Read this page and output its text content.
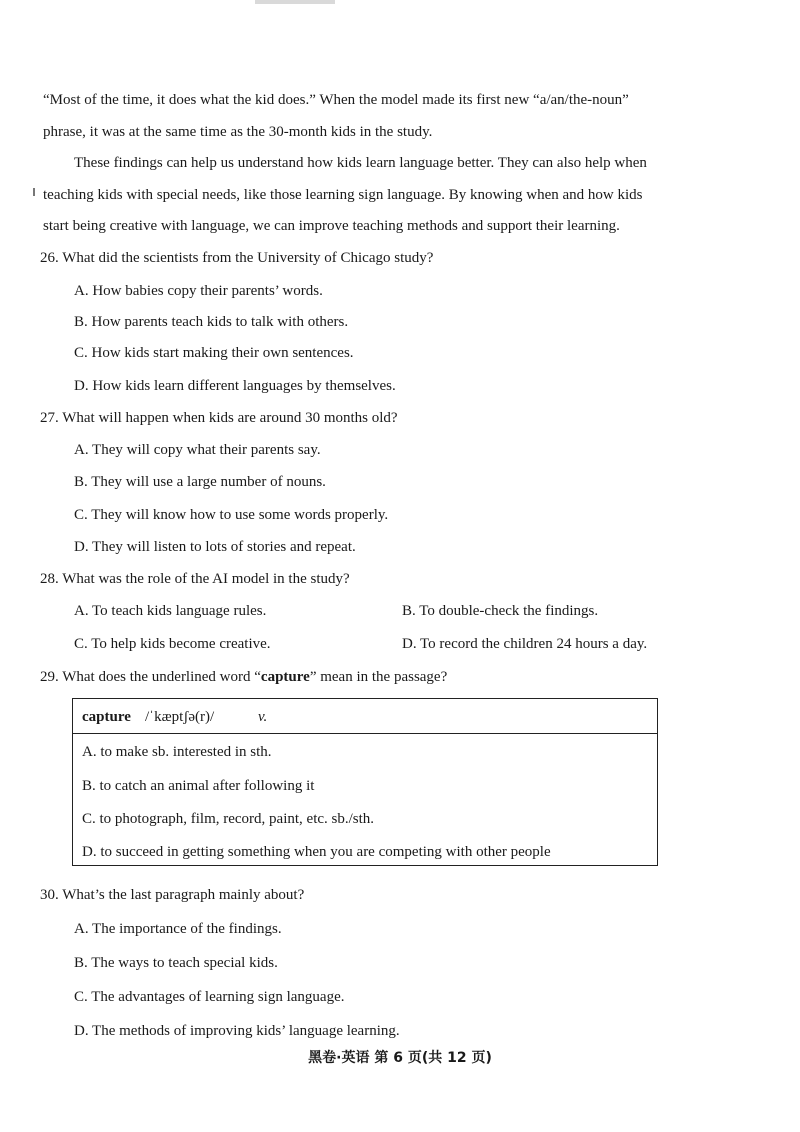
“Most of the time, it does what the kid does.” When the model made its first new “a/an/the-noun”
phrase, it was at the same time as the 30-month kids in the study.
These findings can help us understand how kids learn language better. They can also help when
teaching kids with special needs, like those learning sign language. By knowing when and how kids
start being creative with language, we can improve teaching methods and support their learning.
26. What did the scientists from the University of Chicago study?
A. How babies copy their parents’ words.
B. How parents teach kids to talk with others.
C. How kids start making their own sentences.
D. How kids learn different languages by themselves.
27. What will happen when kids are around 30 months old?
A. They will copy what their parents say.
B. They will use a large number of nouns.
C. They will know how to use some words properly.
D. They will listen to lots of stories and repeat.
28. What was the role of the AI model in the study?
A. To teach kids language rules.	B. To double-check the findings.
C. To help kids become creative.	D. To record the children 24 hours a day.
29. What does the underlined word “capture” mean in the passage?
capture /ˈkæptʃə(r)/	v.
A. to make sb. interested in sth.
B. to catch an animal after following it
C. to photograph, film, record, paint, etc. sb./sth.
D. to succeed in getting something when you are competing with other people
30. What’s the last paragraph mainly about?
A. The importance of the findings.
B. The ways to teach special kids.
C. The advantages of learning sign language.
D. The methods of improving kids’ language learning.
黑卷·英语 第 6 页(共 12 页)
